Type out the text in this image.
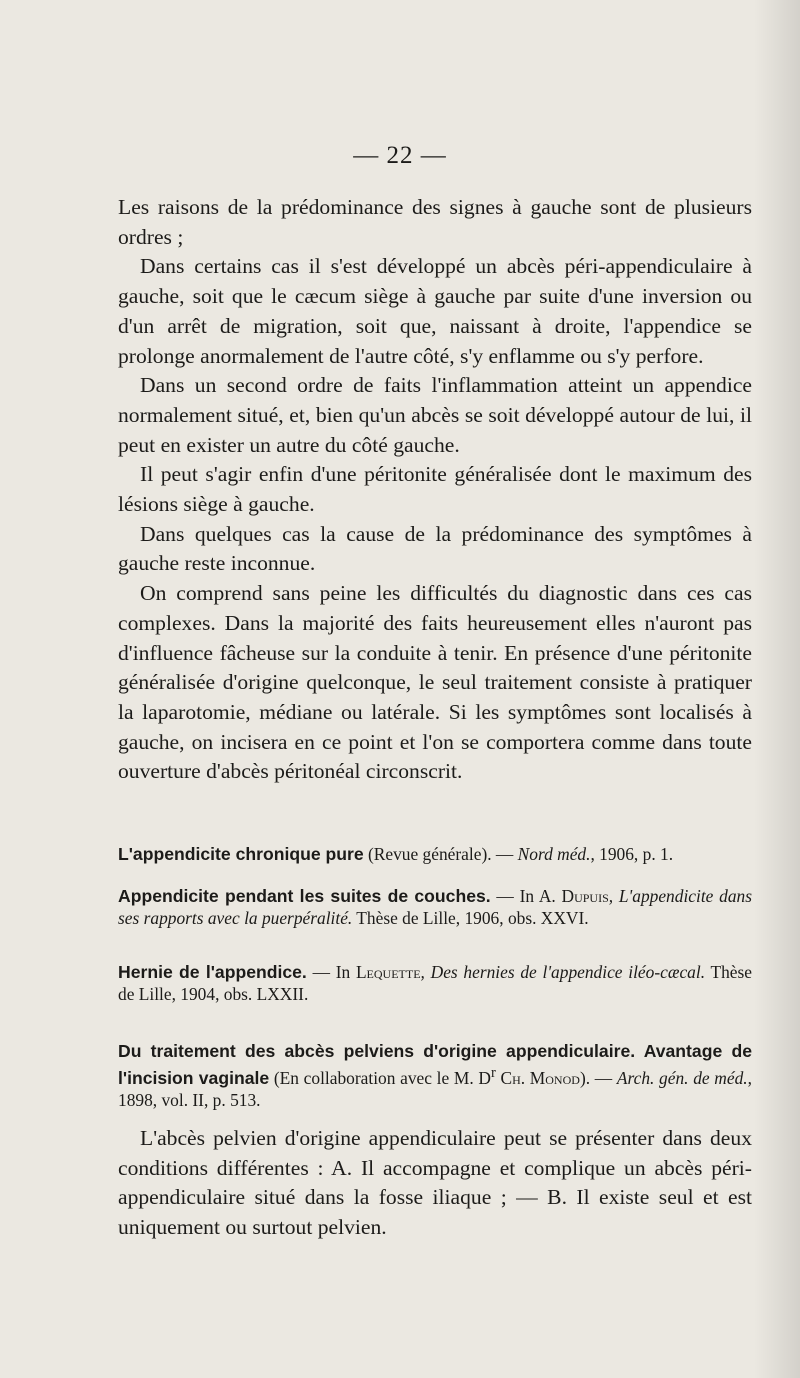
— 22 —

Les raisons de la prédominance des signes à gauche sont de plusieurs ordres ;

Dans certains cas il s'est développé un abcès péri-appendiculaire à gauche, soit que le cæcum siège à gauche par suite d'une inversion ou d'un arrêt de migration, soit que, naissant à droite, l'appendice se prolonge anormalement de l'autre côté, s'y enflamme ou s'y perfore.

Dans un second ordre de faits l'inflammation atteint un appendice normalement situé, et, bien qu'un abcès se soit développé autour de lui, il peut en exister un autre du côté gauche.

Il peut s'agir enfin d'une péritonite généralisée dont le maximum des lésions siège à gauche.

Dans quelques cas la cause de la prédominance des symptômes à gauche reste inconnue.

On comprend sans peine les difficultés du diagnostic dans ces cas complexes. Dans la majorité des faits heureusement elles n'auront pas d'influence fâcheuse sur la conduite à tenir. En présence d'une péritonite généralisée d'origine quelconque, le seul traitement consiste à pratiquer la laparotomie, médiane ou latérale. Si les symptômes sont localisés à gauche, on incisera en ce point et l'on se comportera comme dans toute ouverture d'abcès péritonéal circonscrit.

L'appendicite chronique pure (Revue générale). — Nord méd., 1906, p. 1.

Appendicite pendant les suites de couches. — In A. Dupuis, L'appendicite dans ses rapports avec la puerpéralité. Thèse de Lille, 1906, obs. XXVI.

Hernie de l'appendice. — In Lequette, Des hernies de l'appendice iléo-cæcal. Thèse de Lille, 1904, obs. LXXII.

Du traitement des abcès pelviens d'origine appendiculaire. Avantage de l'incision vaginale (En collaboration avec le M. $D^r$ Ch. Monod). — Arch. gén. de méd., 1898, vol. II, p. 513.

L'abcès pelvien d'origine appendiculaire peut se présenter dans deux conditions différentes : A. Il accompagne et complique un abcès péri-appendiculaire situé dans la fosse iliaque ; — B. Il existe seul et est uniquement ou surtout pelvien.
